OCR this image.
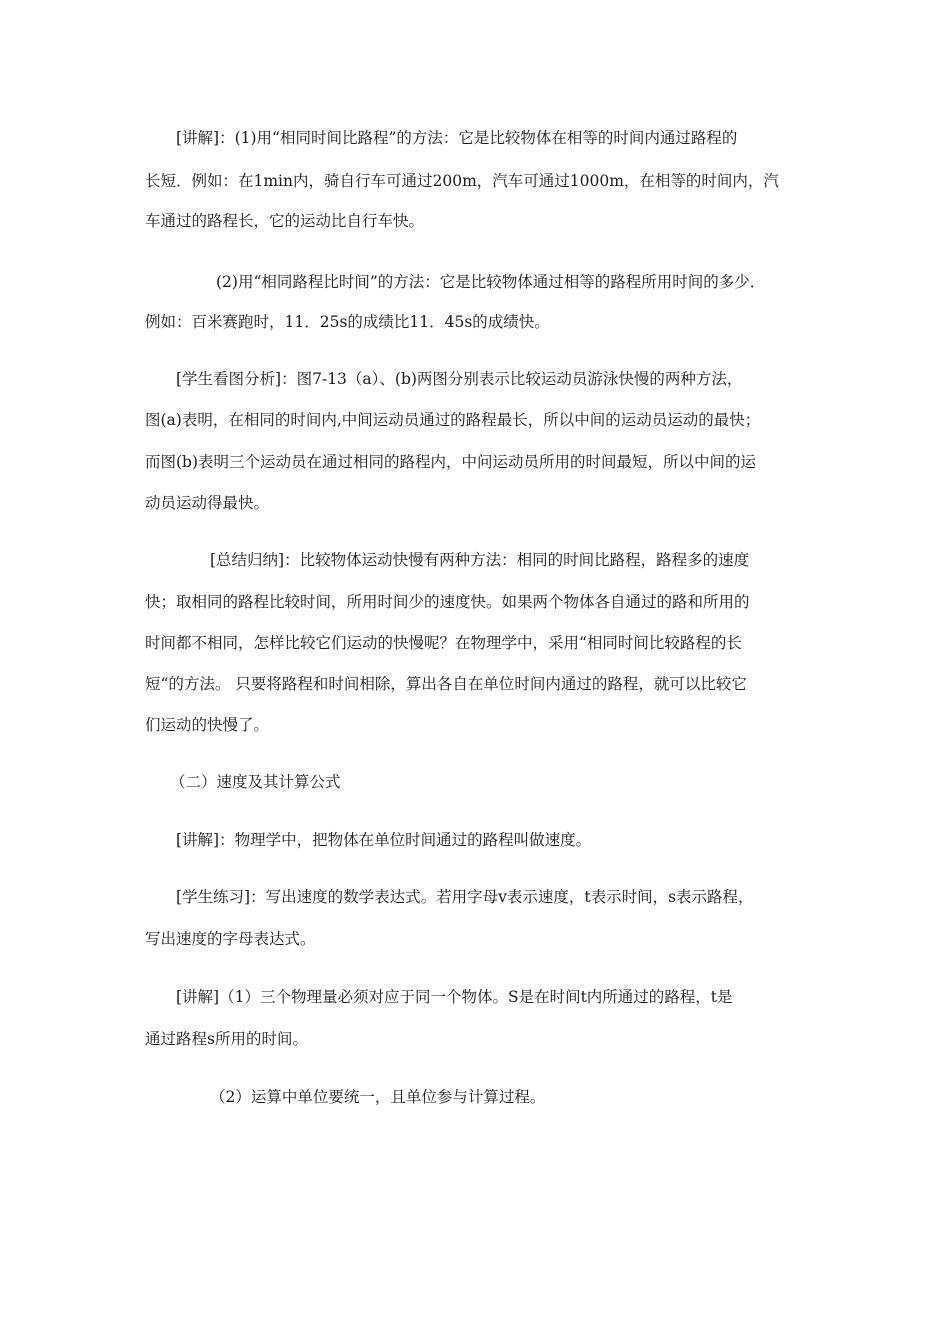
[讲解]：(1)用“相同时间比路程”的方法：它是比较物体在相等的时间内通过路程的
长短．例如：在1min内，骑自行车可通过200m，汽车可通过1000m，在相等的时间内，汽
车通过的路程长，它的运动比自行车快。
(2)用“相同路程比时间”的方法：它是比较物体通过相等的路程所用时间的多少．
例如：百米赛跑时，11．25s的成绩比11．45s的成绩快。
[学生看图分析]：图7-13（a）、(b)两图分别表示比较运动员游泳快慢的两种方法，
图(a)表明，在相同的时间内,中间运动员通过的路程最长，所以中间的运动员运动的最快；
而图(b)表明三个运动员在通过相同的路程内，中问运动员所用的时间最短，所以中间的运
动员运动得最快。
[总结归纳]：比较物体运动快慢有两种方法：相同的时间比路程，路程多的速度
快；取相同的路程比较时间，所用时间少的速度快。如果两个物体各自通过的路和所用的
时间都不相同，怎样比较它们运动的快慢呢？在物理学中，采用“相同时间比较路程的长
短“的方法。 只要将路程和时间相除，算出各自在单位时间内通过的路程，就可以比较它
们运动的快慢了。
（二）速度及其计算公式
[讲解]：物理学中，把物体在单位时间通过的路程叫做速度。
[学生练习]：写出速度的数学表达式。若用字母v表示速度，t表示时间，s表示路程，
写出速度的字母表达式。
[讲解]（1）三个物理量必须对应于同一个物体。S是在时间t内所通过的路程，t是
通过路程s所用的时间。
（2）运算中单位要统一，且单位参与计算过程。
